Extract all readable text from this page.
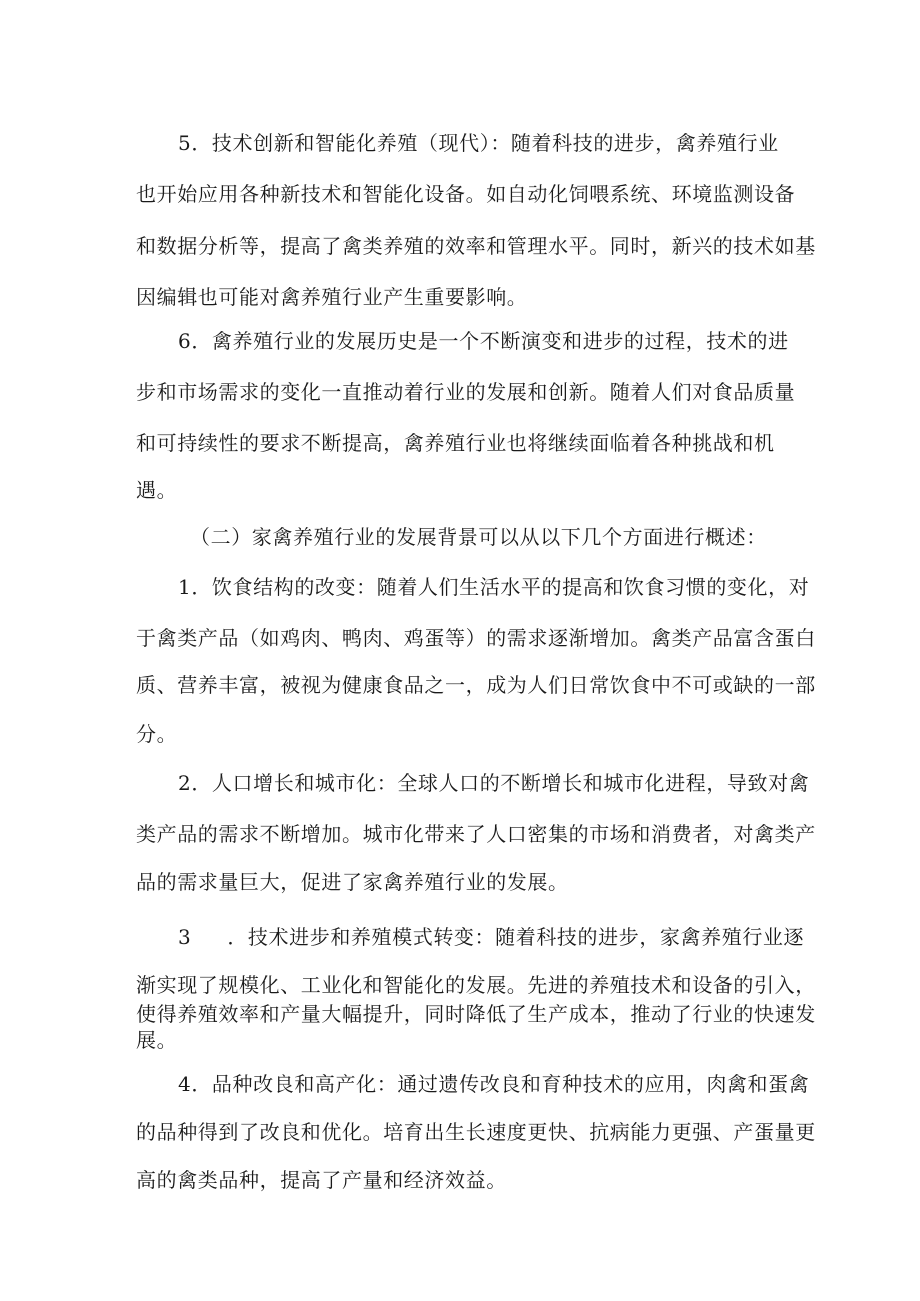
5．技术创新和智能化养殖（现代）：随着科技的进步，禽养殖行业
也开始应用各种新技术和智能化设备。如自动化饲喂系统、环境监测设备
和数据分析等，提高了禽类养殖的效率和管理水平。同时，新兴的技术如基
因编辑也可能对禽养殖行业产生重要影响。
6．禽养殖行业的发展历史是一个不断演变和进步的过程，技术的进
步和市场需求的变化一直推动着行业的发展和创新。随着人们对食品质量
和可持续性的要求不断提高，禽养殖行业也将继续面临着各种挑战和机
遇。
（二）家禽养殖行业的发展背景可以从以下几个方面进行概述：
1．饮食结构的改变：随着人们生活水平的提高和饮食习惯的变化，对
于禽类产品（如鸡肉、鸭肉、鸡蛋等）的需求逐渐增加。禽类产品富含蛋白
质、营养丰富，被视为健康食品之一，成为人们日常饮食中不可或缺的一部
分。
2．人口增长和城市化：全球人口的不断增长和城市化进程，导致对禽
类产品的需求不断增加。城市化带来了人口密集的市场和消费者，对禽类产
品的需求量巨大，促进了家禽养殖行业的发展。
3 ．技术进步和养殖模式转变：随着科技的进步，家禽养殖行业逐
渐实现了规模化、工业化和智能化的发展。先进的养殖技术和设备的引入，
使得养殖效率和产量大幅提升，同时降低了生产成本，推动了行业的快速发
展。
4．品种改良和高产化：通过遗传改良和育种技术的应用，肉禽和蛋禽
的品种得到了改良和优化。培育出生长速度更快、抗病能力更强、产蛋量更
高的禽类品种，提高了产量和经济效益。
